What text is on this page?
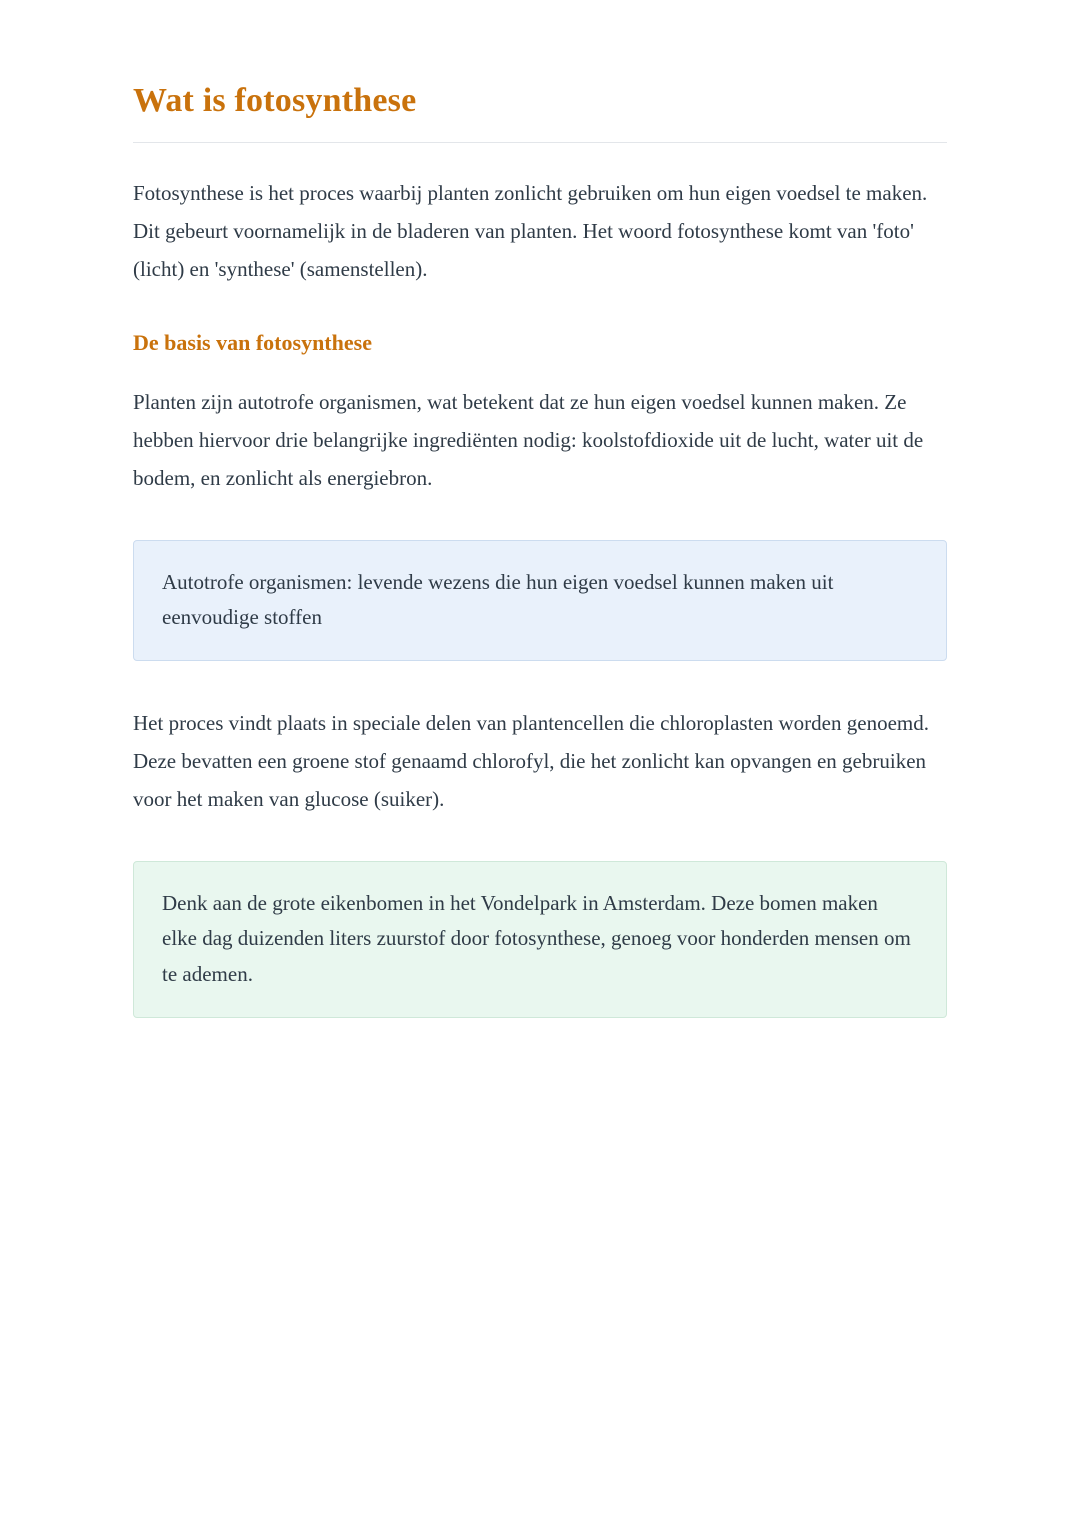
Wat is fotosynthese

Fotosynthese is het proces waarbij planten zonlicht gebruiken om hun eigen voedsel te maken. Dit gebeurt voornamelijk in de bladeren van planten. Het woord fotosynthese komt van 'foto' (licht) en 'synthese' (samenstellen).

De basis van fotosynthese

Planten zijn autotrofe organismen, wat betekent dat ze hun eigen voedsel kunnen maken. Ze hebben hiervoor drie belangrijke ingrediënten nodig: koolstofdioxide uit de lucht, water uit de bodem, en zonlicht als energiebron.

Autotrofe organismen: levende wezens die hun eigen voedsel kunnen maken uit eenvoudige stoffen

Het proces vindt plaats in speciale delen van plantencellen die chloroplasten worden genoemd. Deze bevatten een groene stof genaamd chlorofyl, die het zonlicht kan opvangen en gebruiken voor het maken van glucose (suiker).

Denk aan de grote eikenbomen in het Vondelpark in Amsterdam. Deze bomen maken elke dag duizenden liters zuurstof door fotosynthese, genoeg voor honderden mensen om te ademen.
